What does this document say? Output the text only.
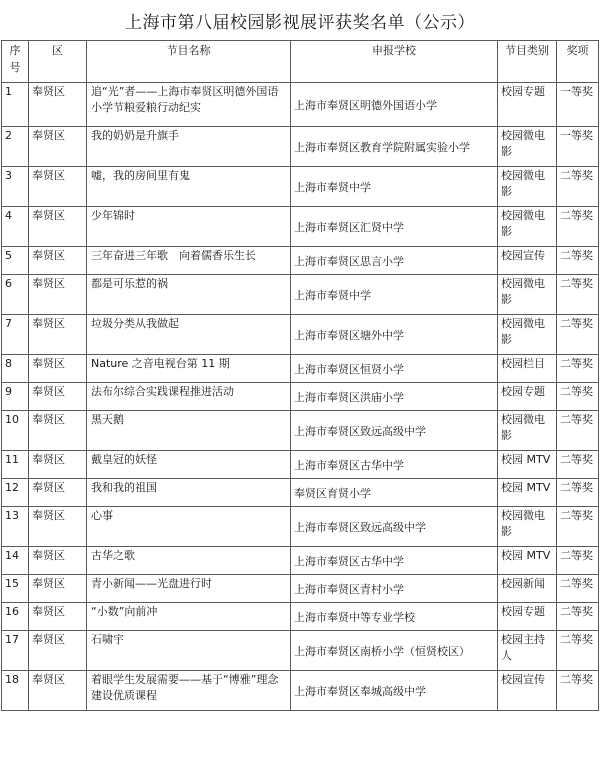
上海市第八届校园影视展评获奖名单（公示）
序号	区	节目名称	申报学校	节目类别	奖项
1	奉贤区	追“光”者——上海市奉贤区明德外国语小学节粮爱粮行动纪实	上海市奉贤区明德外国语小学	校园专题	一等奖
2	奉贤区	我的奶奶是升旗手	上海市奉贤区教育学院附属实验小学	校园微电影	一等奖
3	奉贤区	嘘，我的房间里有鬼	上海市奉贤中学	校园微电影	二等奖
4	奉贤区	少年锦时	上海市奉贤区汇贤中学	校园微电影	二等奖
5	奉贤区	三年奋进三年歌　向着儒香乐生长	上海市奉贤区思言小学	校园宣传	二等奖
6	奉贤区	都是可乐惹的祸	上海市奉贤中学	校园微电影	二等奖
7	奉贤区	垃圾分类从我做起	上海市奉贤区塘外中学	校园微电影	二等奖
8	奉贤区	Nature 之音电视台第 11 期	上海市奉贤区恒贤小学	校园栏目	二等奖
9	奉贤区	法布尔综合实践课程推进活动	上海市奉贤区洪庙小学	校园专题	二等奖
10	奉贤区	黑天鹅	上海市奉贤区致远高级中学	校园微电影	二等奖
11	奉贤区	戴皇冠的妖怪	上海市奉贤区古华中学	校园 MTV	二等奖
12	奉贤区	我和我的祖国	奉贤区育贤小学	校园 MTV	二等奖
13	奉贤区	心事	上海市奉贤区致远高级中学	校园微电影	二等奖
14	奉贤区	古华之歌	上海市奉贤区古华中学	校园 MTV	二等奖
15	奉贤区	青小新闻——光盘进行时	上海市奉贤区青村小学	校园新闻	二等奖
16	奉贤区	“小数”向前冲	上海市奉贤中等专业学校	校园专题	二等奖
17	奉贤区	石啸宇	上海市奉贤区南桥小学（恒贤校区）	校园主持人	二等奖
18	奉贤区	着眼学生发展需要——基于“博雅”理念 建设优质课程	上海市奉贤区奉城高级中学	校园宣传	二等奖
